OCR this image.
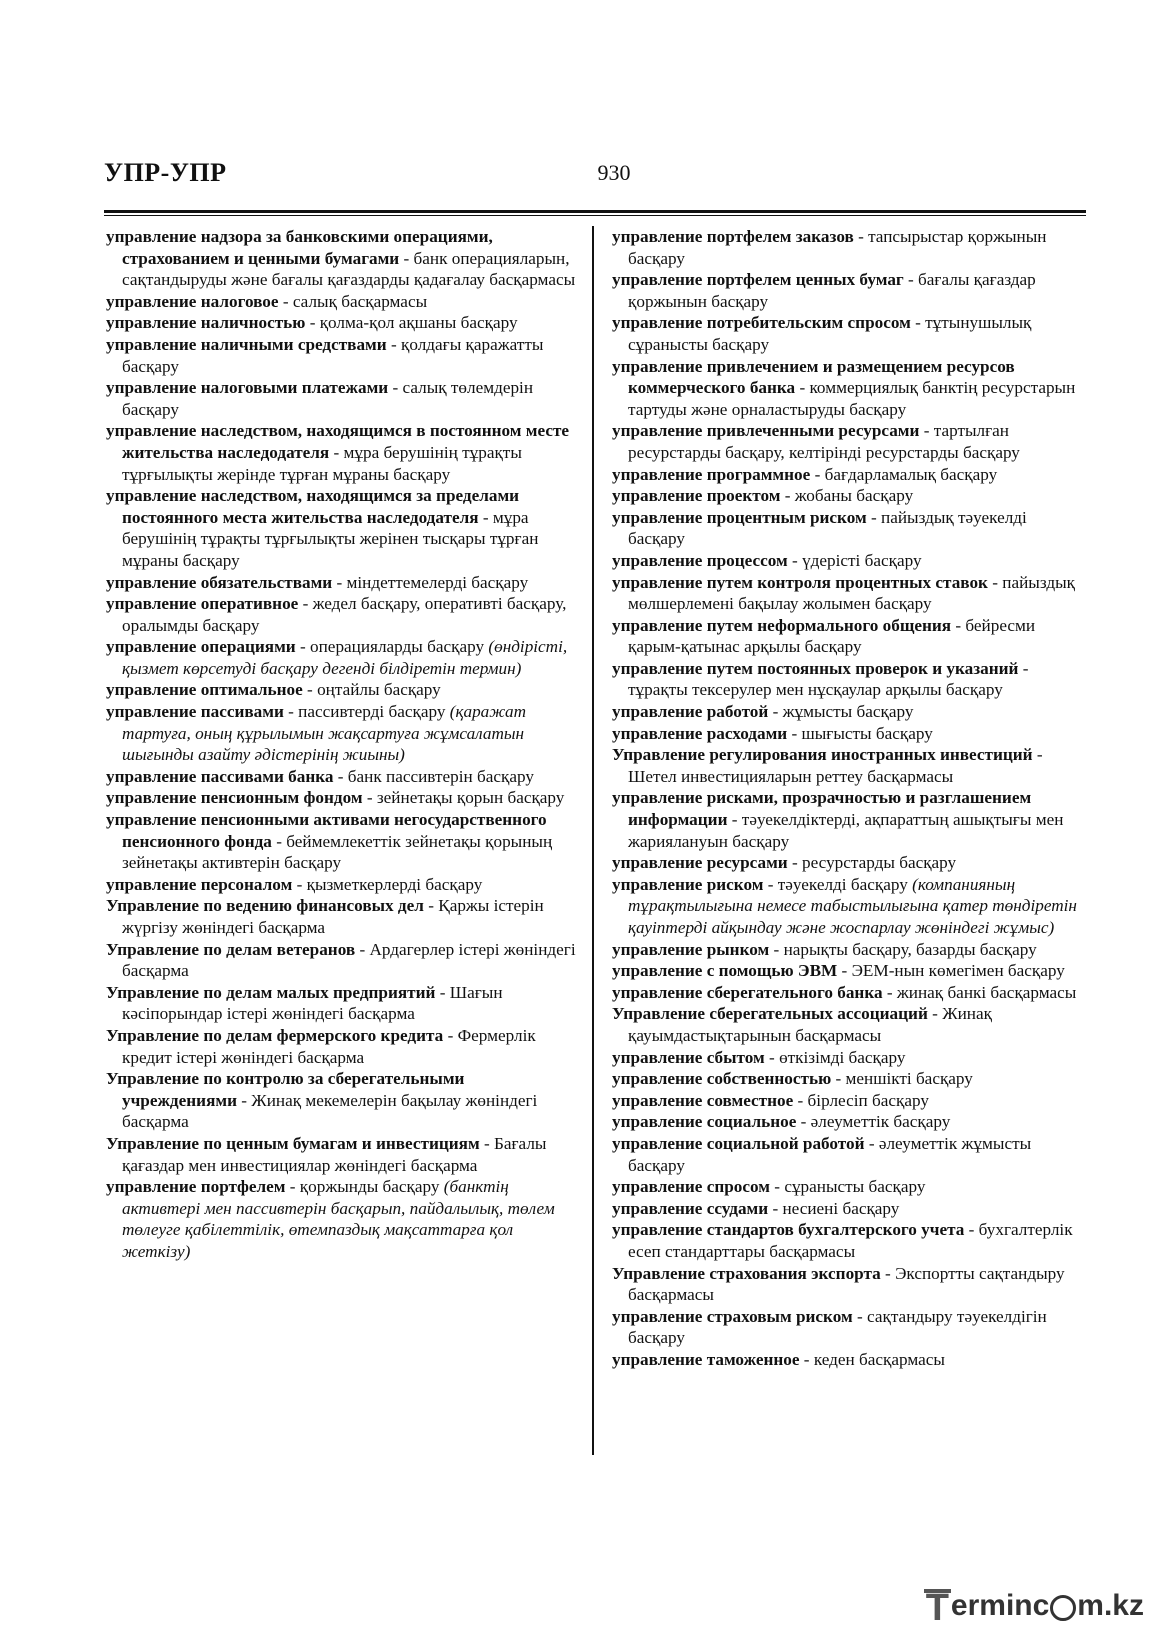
УПР-УПР	930

управление надзора за банковскими операциями, страхованием и ценными бумагами - банк операцияларын, сақтандыруды және бағалы қағаздарды қадағалау басқармасы

управление налоговое - салық басқармасы

управление наличностью - қолма-қол ақшаны басқару

управление наличными средствами - қолдағы қаражатты басқару

управление налоговыми платежами - салық төлемдерін басқару

управление наследством, находящимся в постоянном месте жительства наследодателя - мұра берушінің тұрақты тұрғылықты жерінде тұрған мұраны басқару

управление наследством, находящимся за пределами постоянного места жительства наследодателя - мұра берушінің тұрақты тұрғылықты жерінен тысқары тұрған мұраны басқару

управление обязательствами - міндеттемелерді басқару

управление оперативное - жедел басқару, оперативті басқару, оралымды басқару

управление операциями - операцияларды басқару (өндірісті, қызмет көрсетуді басқару дегенді білдіретін термин)

управление оптимальное - оңтайлы басқару

управление пассивами - пассивтерді басқару (қаражат тартуға, оның құрылымын жақсартуға жұмсалатын шығынды азайту әдістерінің жиыны)

управление пассивами банка - банк пассивтерін басқару

управление пенсионным фондом - зейнетақы қорын басқару

управление пенсионными активами негосударственного пенсионного фонда - беймемлекеттік зейнетақы қорының зейнетақы активтерін басқару

управление персоналом - қызметкерлерді басқару

Управление по ведению финансовых дел - Қаржы істерін жүргізу жөніндегі басқарма

Управление по делам ветеранов - Ардагерлер істері жөніндегі басқарма

Управление по делам малых предприятий - Шағын кәсіпорындар істері жөніндегі басқарма

Управление по делам фермерского кредита - Фермерлік кредит істері жөніндегі басқарма

Управление по контролю за сберегательными учреждениями - Жинақ мекемелерін бақылау жөніндегі басқарма

Управление по ценным бумагам и инвестициям - Бағалы қағаздар мен инвестициялар жөніндегі басқарма

управление портфелем - қоржынды басқару (банктің активтері мен пассивтерін басқарып, пайдалылық, төлем төлеуге қабілеттілік, өтемпаздық мақсаттарға қол жеткізу)

управление портфелем заказов - тапсырыстар қоржынын басқару

управление портфелем ценных бумаг - бағалы қағаздар қоржынын басқару

управление потребительским спросом - тұтынушылық сұранысты басқару

управление привлечением и размещением ресурсов коммерческого банка - коммерциялық банктің ресурстарын тартуды және орналастыруды басқару

управление привлеченными ресурсами - тартылған ресурстарды басқару, келтірінді ресурстарды басқару

управление программное - бағдарламалық басқару

управление проектом - жобаны басқару

управление процентным риском - пайыздық тәуекелді басқару

управление процессом - үдерісті басқару

управление путем контроля процентных ставок - пайыздық мөлшерлемені бақылау жолымен басқару

управление путем неформального общения - бейресми қарым-қатынас арқылы басқару

управление путем постоянных проверок и указаний - тұрақты тексерулер мен нұсқаулар арқылы басқару

управление работой - жұмысты басқару

управление расходами - шығысты басқару

Управление регулирования иностранных инвестиций - Шетел инвестицияларын реттеу басқармасы

управление рисками, прозрачностью и разглашением информации - тәуекелдіктерді, ақпараттың ашықтығы мен жариялануын басқару

управление ресурсами - ресурстарды басқару

управление риском - тәуекелді басқару (компанияның тұрақтылығына немесе табыстылығына қатер төндіретін қауіптерді айқындау және жоспарлау жөніндегі жұмыс)

управление рынком - нарықты басқару, базарды басқару

управление с помощью ЭВМ - ЭЕМ-нын көмегімен басқару

управление сберегательного банка - жинақ банкі басқармасы

Управление сберегательных ассоциаций - Жинақ қауымдастықтарынын басқармасы

управление сбытом - өткізімді басқару

управление собственностью - меншікті басқару

управление совместное - бірлесіп басқару

управление социальное - әлеуметтік басқару

управление социальной работой - әлеуметтік жұмысты басқару

управление спросом - сұранысты басқару

управление ссудами - несиені басқару

управление стандартов бухгалтерского учета - бухгалтерлік есеп стандарттары басқармасы

Управление страхования экспорта - Экспортты сақтандыру басқармасы

управление страховым риском - сақтандыру тәуекелдігін басқару

управление таможенное - кеден басқармасы

T erminc m.kz
